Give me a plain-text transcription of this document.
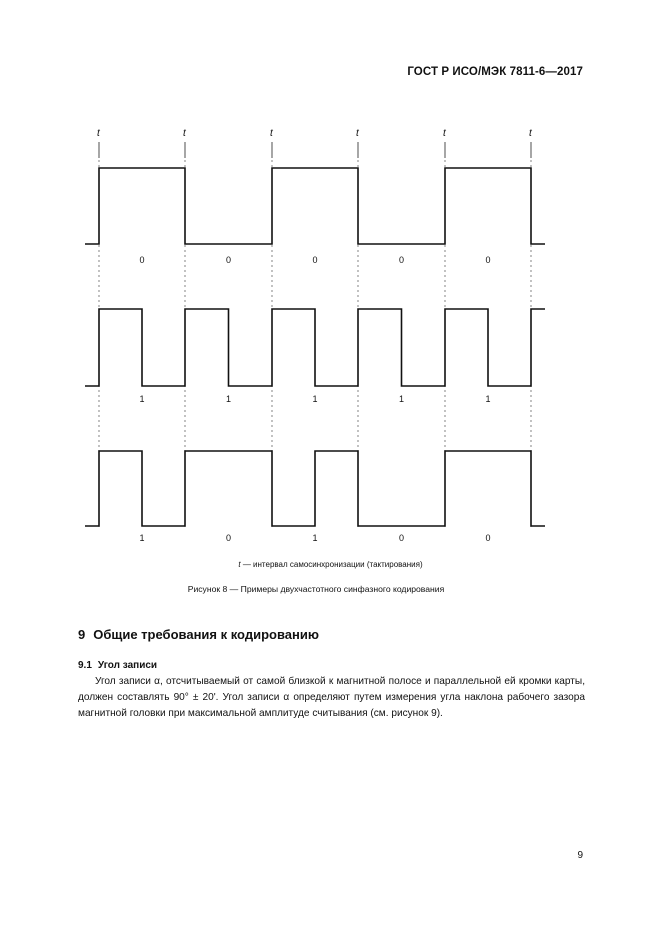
ГОСТ Р ИСО/МЭК 7811-6—2017
t	t	t	t	t	t
0	0	0	0	0
1	1	1	1	1
1	0	1	0	0
t — интервал самосинхронизации (тактирования)
Рисунок 8 — Примеры двухчастотного синфазного кодирования
9 Общие требования к кодированию
9.1 Угол записи

Угол записи α, отсчитываемый от самой близкой к магнитной полосе и параллельной ей кромки карты, должен составлять 90° ± 20'. Угол записи α определяют путем измерения угла наклона рабочего зазора магнитной головки при максимальной амплитуде считывания (см. рисунок 9).

9
